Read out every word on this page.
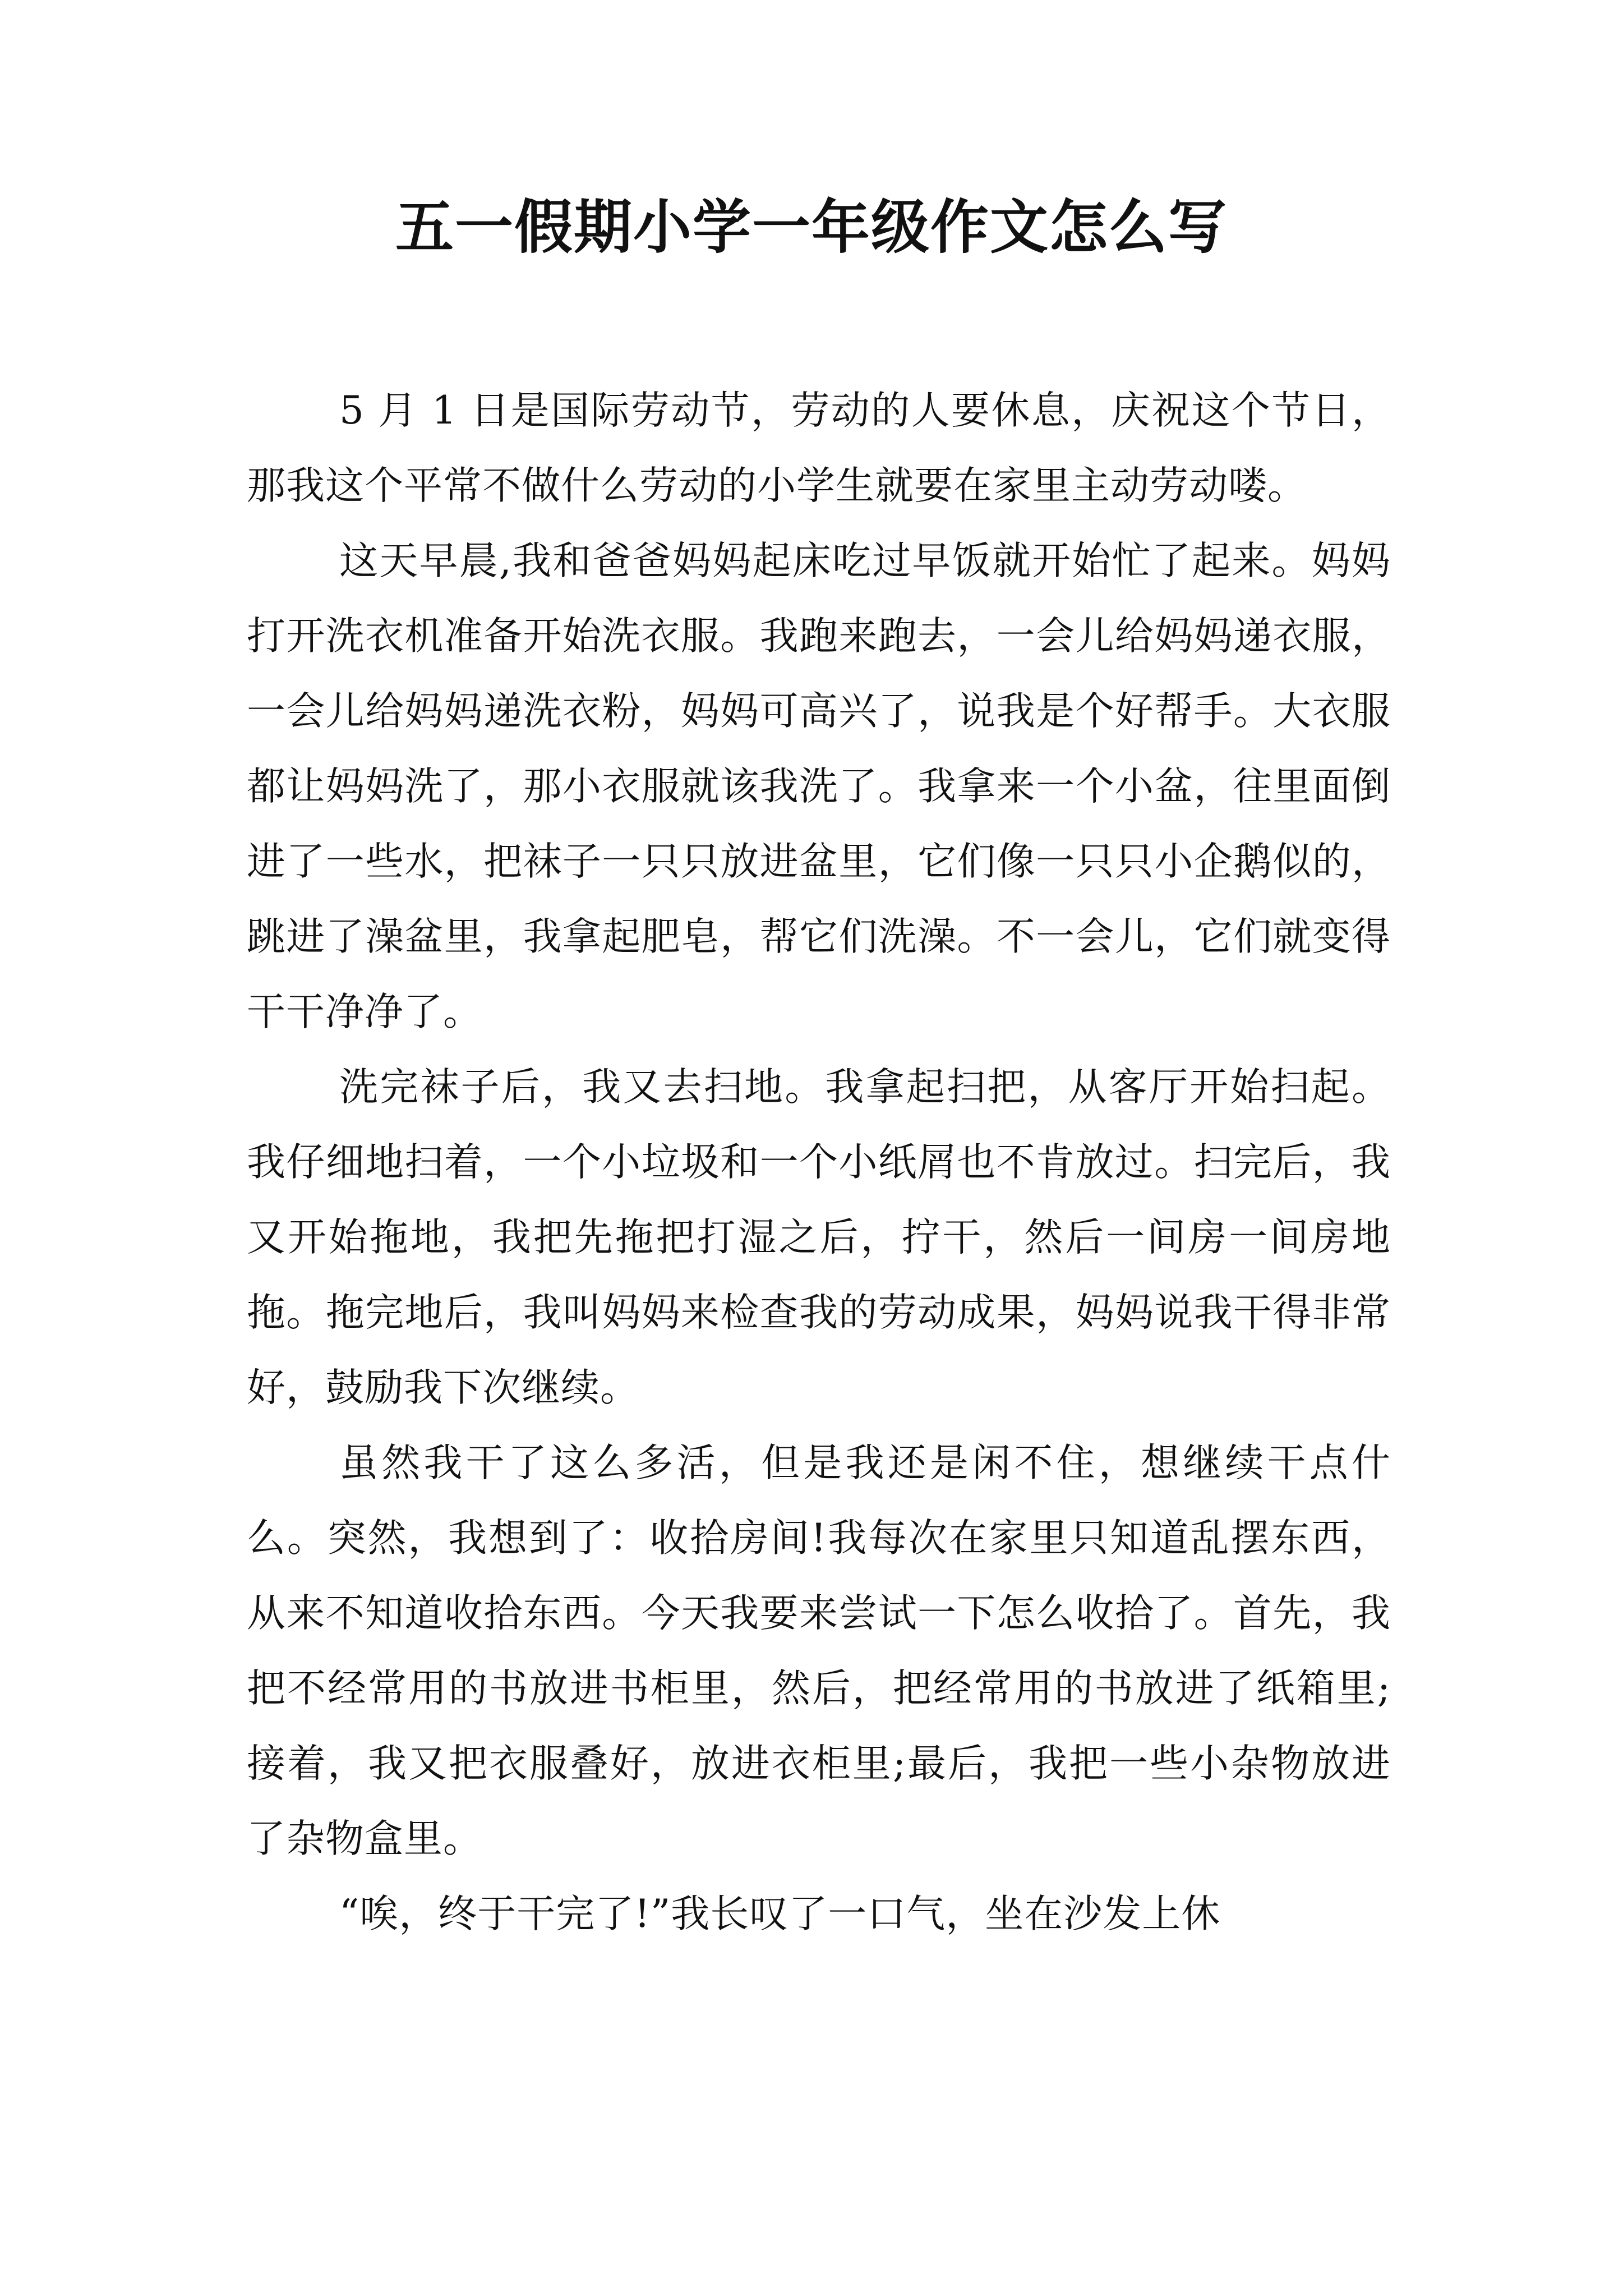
五一假期小学一年级作文怎么写

5 月 1 日是国际劳动节，劳动的人要休息，庆祝这个节日，那我这个平常不做什么劳动的小学生就要在家里主动劳动喽。

这天早晨,我和爸爸妈妈起床吃过早饭就开始忙了起来。妈妈打开洗衣机准备开始洗衣服。我跑来跑去，一会儿给妈妈递衣服，一会儿给妈妈递洗衣粉，妈妈可高兴了，说我是个好帮手。大衣服都让妈妈洗了，那小衣服就该我洗了。我拿来一个小盆，往里面倒进了一些水，把袜子一只只放进盆里，它们像一只只小企鹅似的，跳进了澡盆里，我拿起肥皂，帮它们洗澡。不一会儿，它们就变得干干净净了。

洗完袜子后，我又去扫地。我拿起扫把，从客厅开始扫起。我仔细地扫着，一个小垃圾和一个小纸屑也不肯放过。扫完后，我又开始拖地，我把先拖把打湿之后，拧干，然后一间房一间房地拖。拖完地后，我叫妈妈来检查我的劳动成果，妈妈说我干得非常好，鼓励我下次继续。

虽然我干了这么多活，但是我还是闲不住，想继续干点什么。突然，我想到了：收拾房间!我每次在家里只知道乱摆东西，从来不知道收拾东西。今天我要来尝试一下怎么收拾了。首先，我把不经常用的书放进书柜里，然后，把经常用的书放进了纸箱里;接着，我又把衣服叠好，放进衣柜里;最后，我把一些小杂物放进了杂物盒里。

“唉，终于干完了!”我长叹了一口气，坐在沙发上休
